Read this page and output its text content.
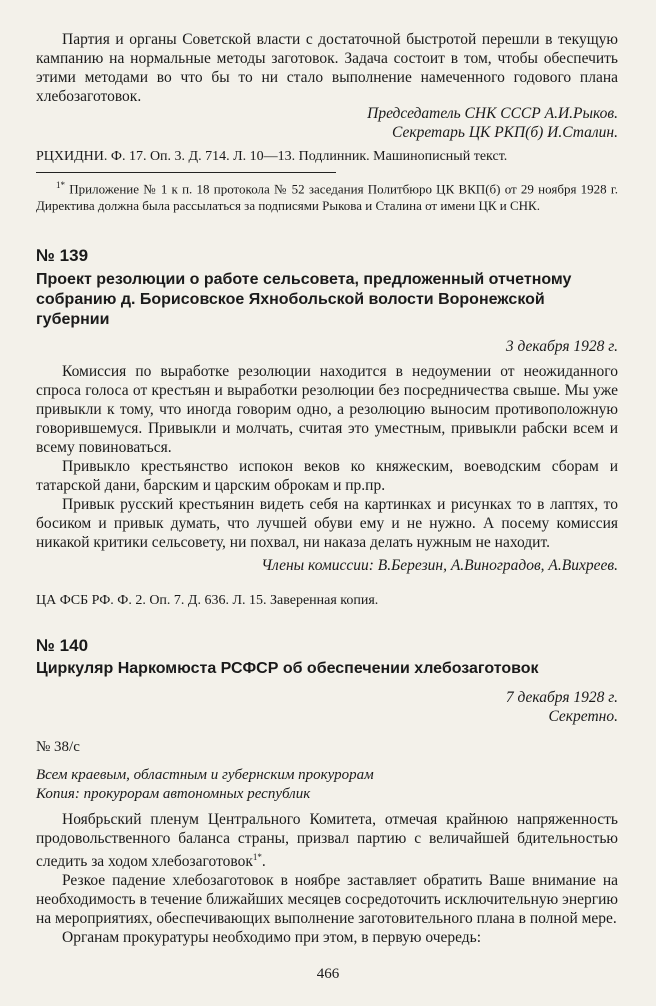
Партия и органы Советской власти с достаточной быстротой перешли в текущую кампанию на нормальные методы заготовок. Задача состоит в том, чтобы обеспечить этими методами во что бы то ни стало выполнение намеченного годового плана хлебозаготовок.

Председатель СНК СССР А.И.Рыков.

Секретарь ЦК РКП(б) И.Сталин.

РЦХИДНИ. Ф. 17. Оп. 3. Д. 714. Л. 10—13. Подлинник. Машинописный текст.

$^{1*}$ Приложение № 1 к п. 18 протокола № 52 заседания Политбюро ЦК ВКП(б) от 29 ноября 1928 г. Директива должна была рассылаться за подписями Рыкова и Сталина от имени ЦК и СНК.

№ 139

Проект резолюции о работе сельсовета, предложенный отчетному собранию д. Борисовское Яхнобольской волости Воронежской губернии

3 декабря 1928 г.

Комиссия по выработке резолюции находится в недоумении от неожиданного спроса голоса от крестьян и выработки резолюции без посредничества свыше. Мы уже привыкли к тому, что иногда говорим одно, а резолюцию выносим противоположную говорившемуся. Привыкли и молчать, считая это уместным, привыкли рабски всем и всему повиноваться.

Привыкло крестьянство испокон веков ко княжеским, воеводским сборам и татарской дани, барским и царским оброкам и пр.пр.

Привык русский крестьянин видеть себя на картинках и рисунках то в лаптях, то босиком и привык думать, что лучшей обуви ему и не нужно. А посему комиссия никакой критики сельсовету, ни похвал, ни наказа делать нужным не находит.

Члены комиссии: В.Березин, А.Виноградов, А.Вихреев.

ЦА ФСБ РФ. Ф. 2. Оп. 7. Д. 636. Л. 15. Заверенная копия.

№ 140

Циркуляр Наркомюста РСФСР об обеспечении хлебозаготовок

7 декабря 1928 г.

Секретно.

№ 38/с

Всем краевым, областным и губернским прокурорам

Копия: прокурорам автономных республик

Ноябрьский пленум Центрального Комитета, отмечая крайнюю напряженность продовольственного баланса страны, призвал партию с величайшей бдительностью следить за ходом хлебозаготовок$^{1*}$.

Резкое падение хлебозаготовок в ноябре заставляет обратить Ваше внимание на необходимость в течение ближайших месяцев сосредоточить исключительную энергию на мероприятиях, обеспечивающих выполнение заготовительного плана в полной мере.

Органам прокуратуры необходимо при этом, в первую очередь:

466
